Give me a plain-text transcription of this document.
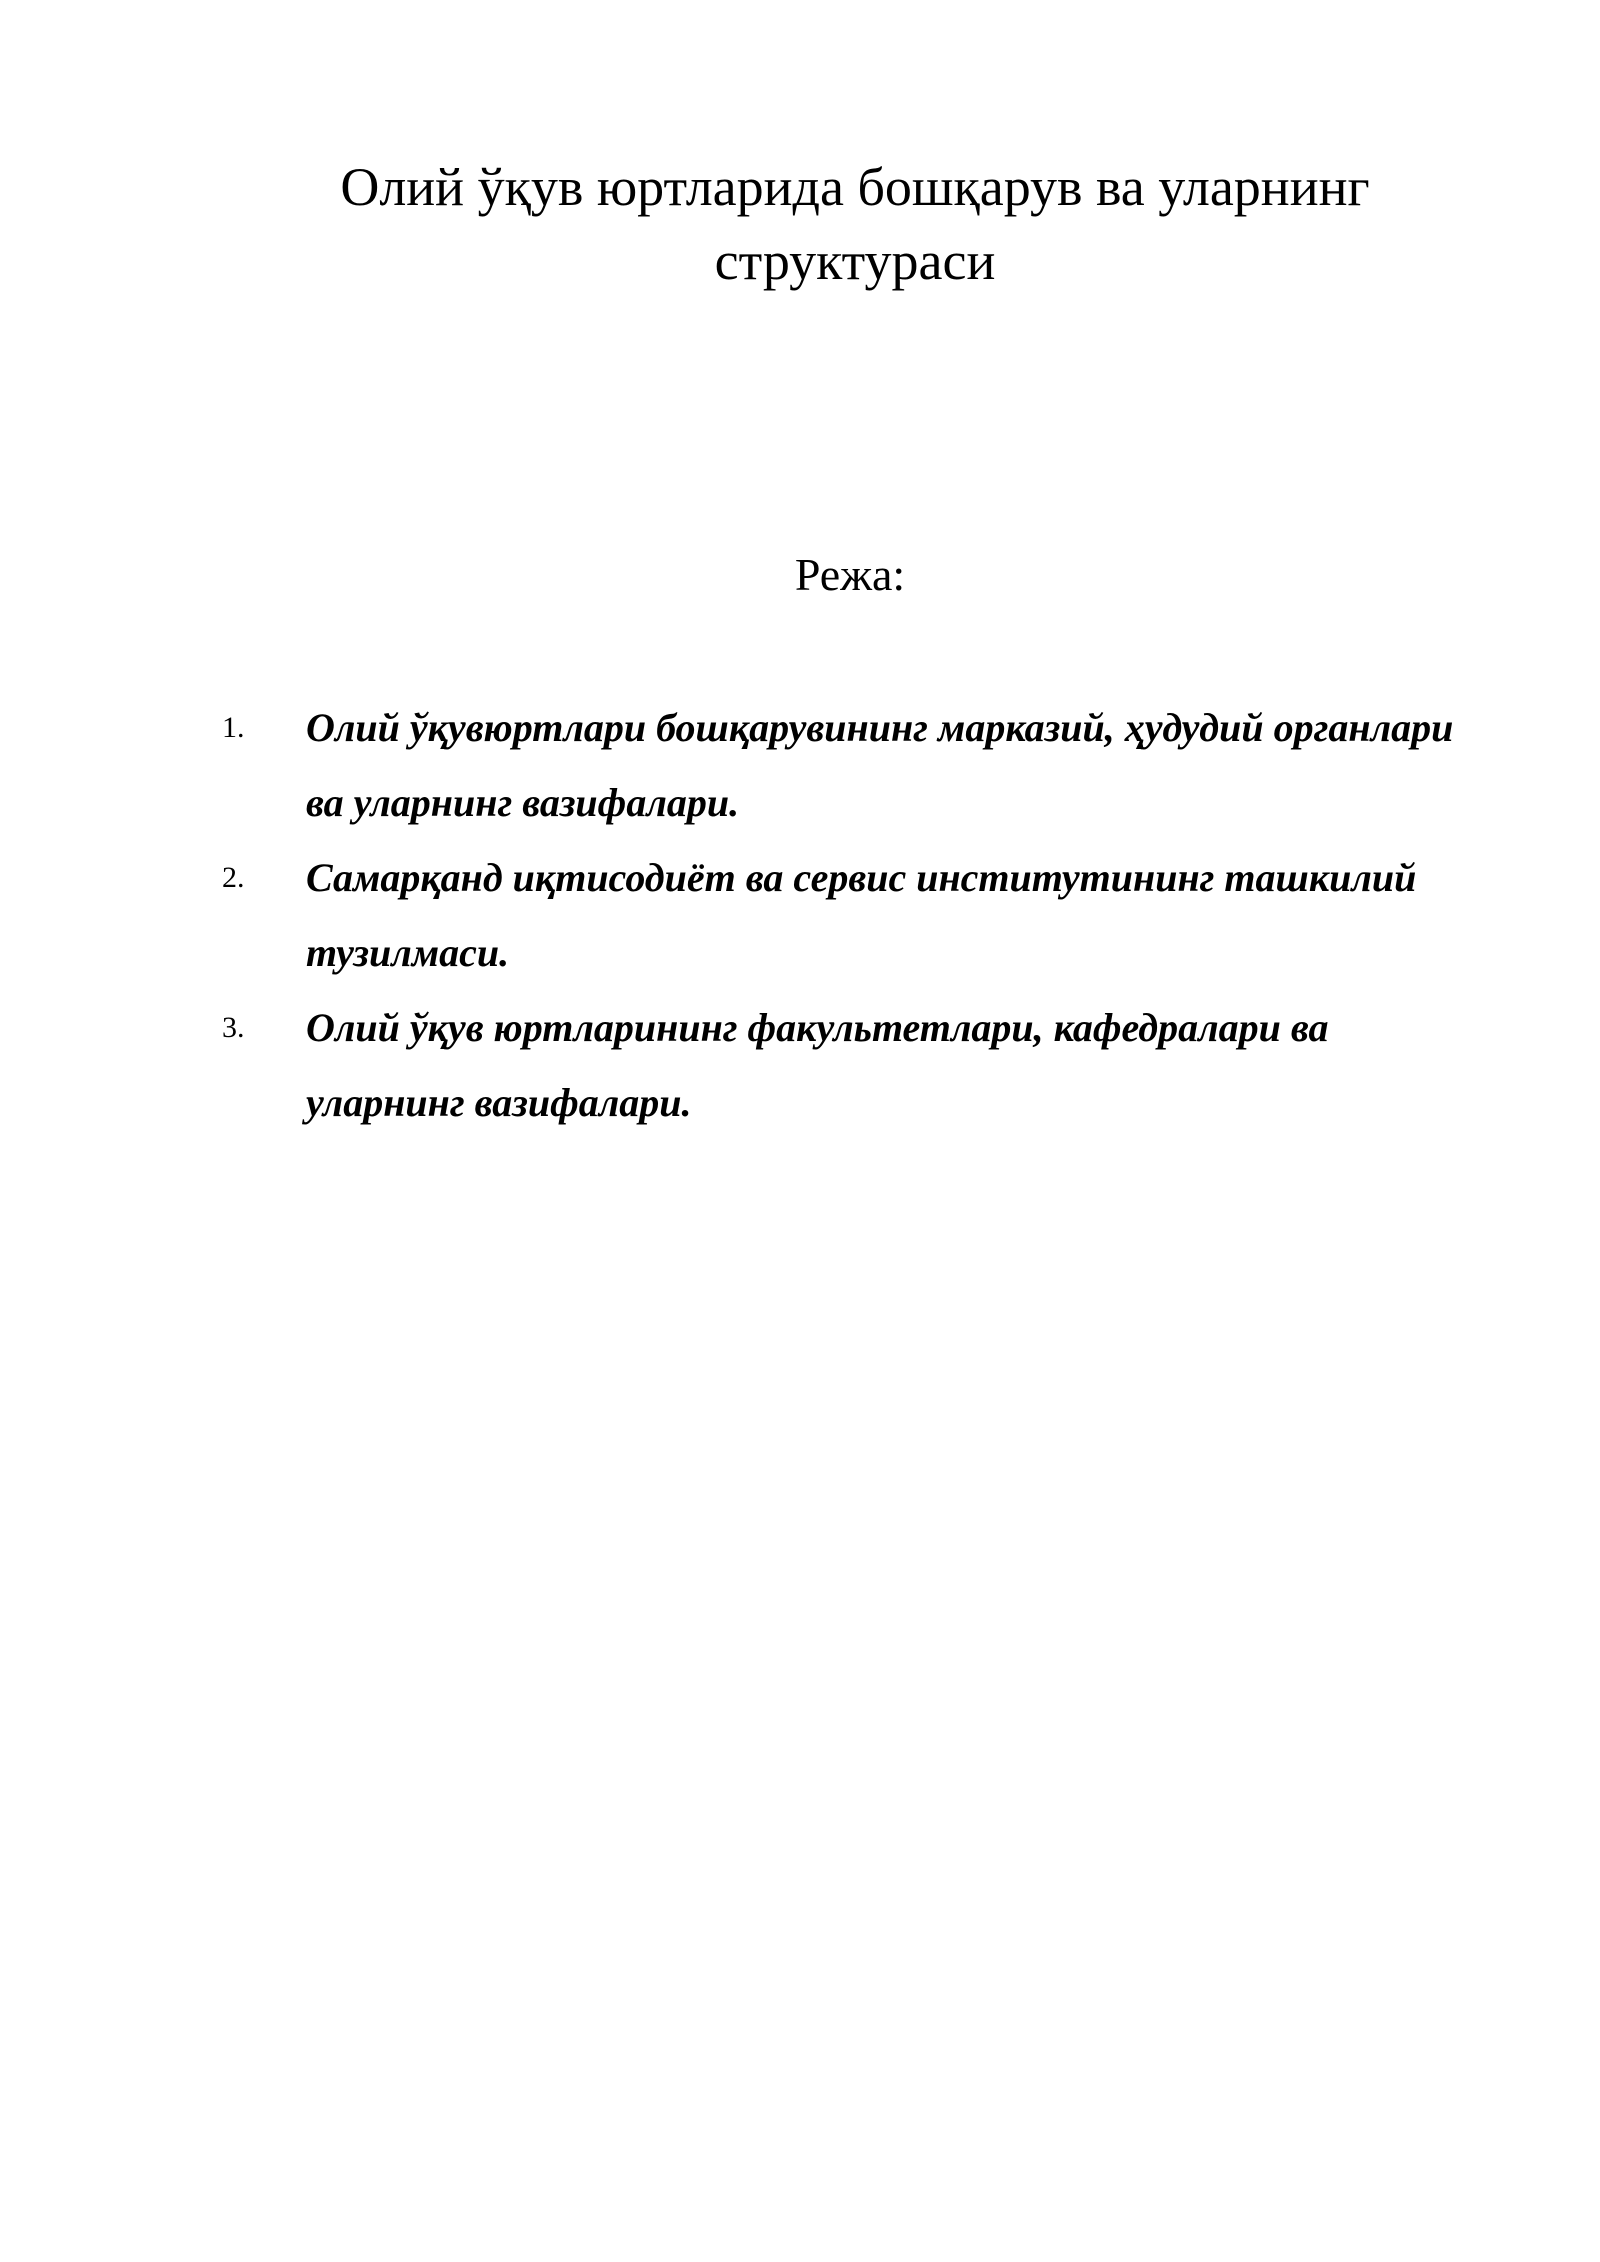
Олий ўқув юртларида бошқарув ва уларнинг структураси
Режа:
1.	Олий ўқувюртлари бошқарувининг марказий, ҳудудий органлари ва уларнинг вазифалари.
2.	Самарқанд иқтисодиёт ва сервис институтининг ташкилий тузилмаси.
3.	Олий ўқув юртларининг факультетлари, кафедралари ва уларнинг вазифалари.
